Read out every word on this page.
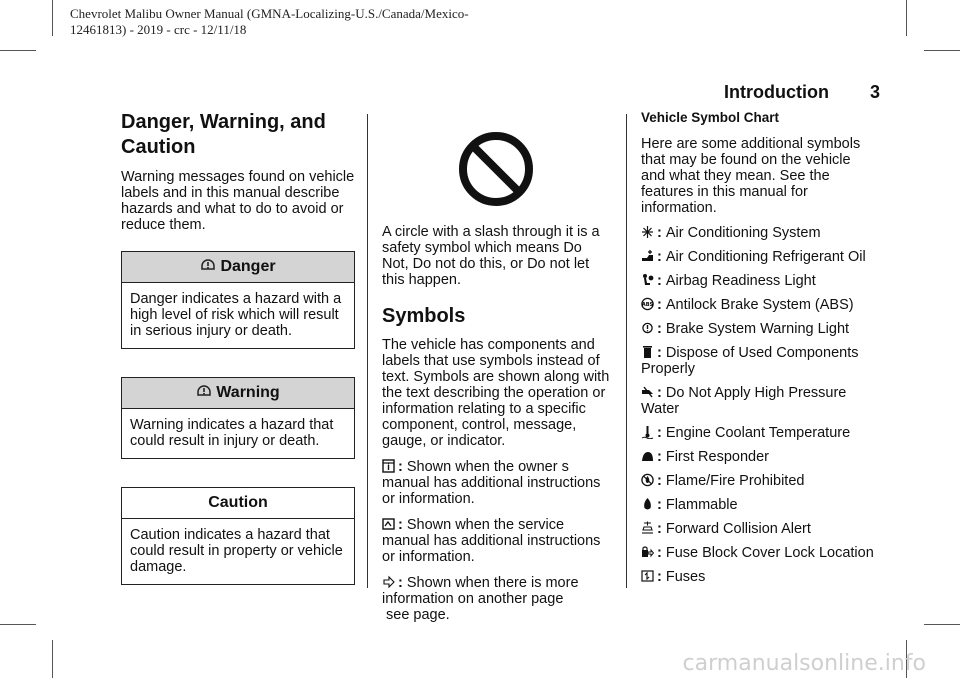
Chevrolet Malibu Owner Manual (GMNA-Localizing-U.S./Canada/Mexico-
12461813) - 2019 - crc - 12/11/18
Introduction 3
Danger, Warning, and Caution

Warning messages found on vehicle labels and in this manual describe hazards and what to do to avoid or reduce them.

Danger
Danger indicates a hazard with a high level of risk which will result in serious injury or death.
Warning
Warning indicates a hazard that could result in injury or death.
Caution
Caution indicates a hazard that could result in property or vehicle damage.

A circle with a slash through it is a safety symbol which means Do Not, Do not do this, or Do not let this happen.

Symbols

The vehicle has components and labels that use symbols instead of text. Symbols are shown along with the text describing the operation or information relating to a specific component, control, message, gauge, or indicator.

: Shown when the owner s manual has additional instructions or information.

: Shown when the service manual has additional instructions or information.

: Shown when there is more information on another page
see page.

Vehicle Symbol Chart

Here are some additional symbols that may be found on the vehicle and what they mean. See the features in this manual for information.

: Air Conditioning System

: Air Conditioning Refrigerant Oil

: Airbag Readiness Light

ABS : Antilock Brake System (ABS)

: Brake System Warning Light

: Dispose of Used Components Properly

: Do Not Apply High Pressure Water

: Engine Coolant Temperature

: First Responder

: Flame/Fire Prohibited

: Flammable

: Forward Collision Alert

: Fuse Block Cover Lock Location

: Fuses

carmanualsonline.info
